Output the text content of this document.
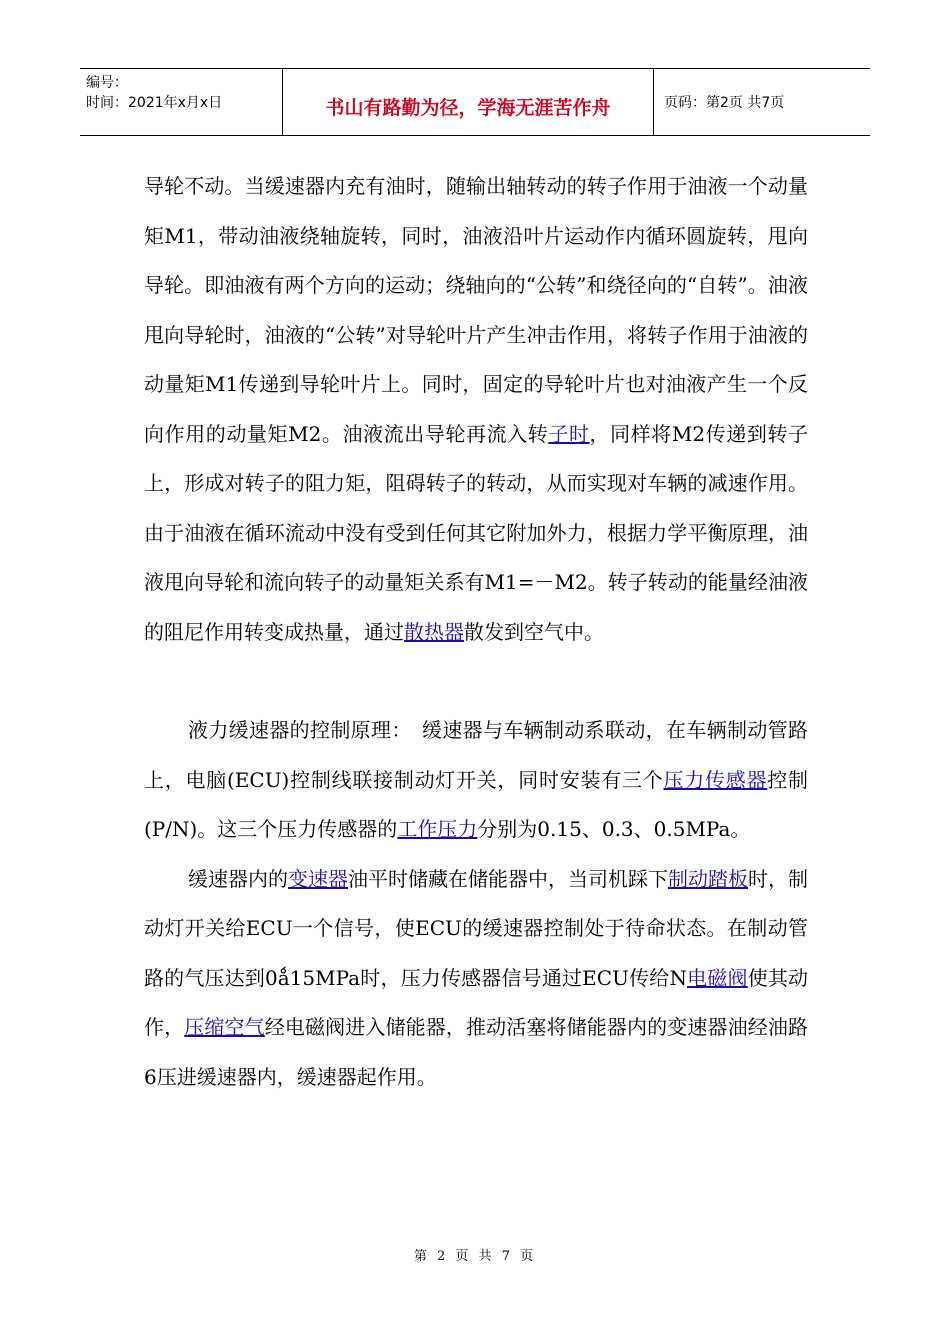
编号：
时间：2021年x月x日	书山有路勤为径，学海无涯苦作舟	页码：第2页 共7页

导轮不动。当缓速器内充有油时，随输出轴转动的转子作用于油液一个动量矩M1，带动油液绕轴旋转，同时，油液沿叶片运动作内循环圆旋转，甩向导轮。即油液有两个方向的运动；绕轴向的“公转”和绕径向的“自转”。油液甩向导轮时，油液的“公转”对导轮叶片产生冲击作用，将转子作用于油液的动量矩M1传递到导轮叶片上。同时，固定的导轮叶片也对油液产生一个反向作用的动量矩M2。油液流出导轮再流入转子时，同样将M2传递到转子上，形成对转子的阻力矩，阻碍转子的转动，从而实现对车辆的减速作用。由于油液在循环流动中没有受到任何其它附加外力，根据力学平衡原理，油液甩向导轮和流向转子的动量矩关系有M1=－M2。转子转动的能量经油液的阻尼作用转变成热量，通过散热器散发到空气中。

液力缓速器的控制原理：　缓速器与车辆制动系联动，在车辆制动管路上，电脑(ECU)控制线联接制动灯开关，同时安装有三个压力传感器控制(P/N)。这三个压力传感器的工作压力分别为0.15、0.3、0.5MPa。

缓速器内的变速器油平时储藏在储能器中，当司机踩下制动踏板时，制动灯开关给ECU一个信号，使ECU的缓速器控制处于待命状态。在制动管路的气压达到0ǻ15MPa时，压力传感器信号通过ECU传给N电磁阀使其动作，压缩空气经电磁阀进入储能器，推动活塞将储能器内的变速器油经油路6压进缓速器内，缓速器起作用。

第 2 页 共 7 页
